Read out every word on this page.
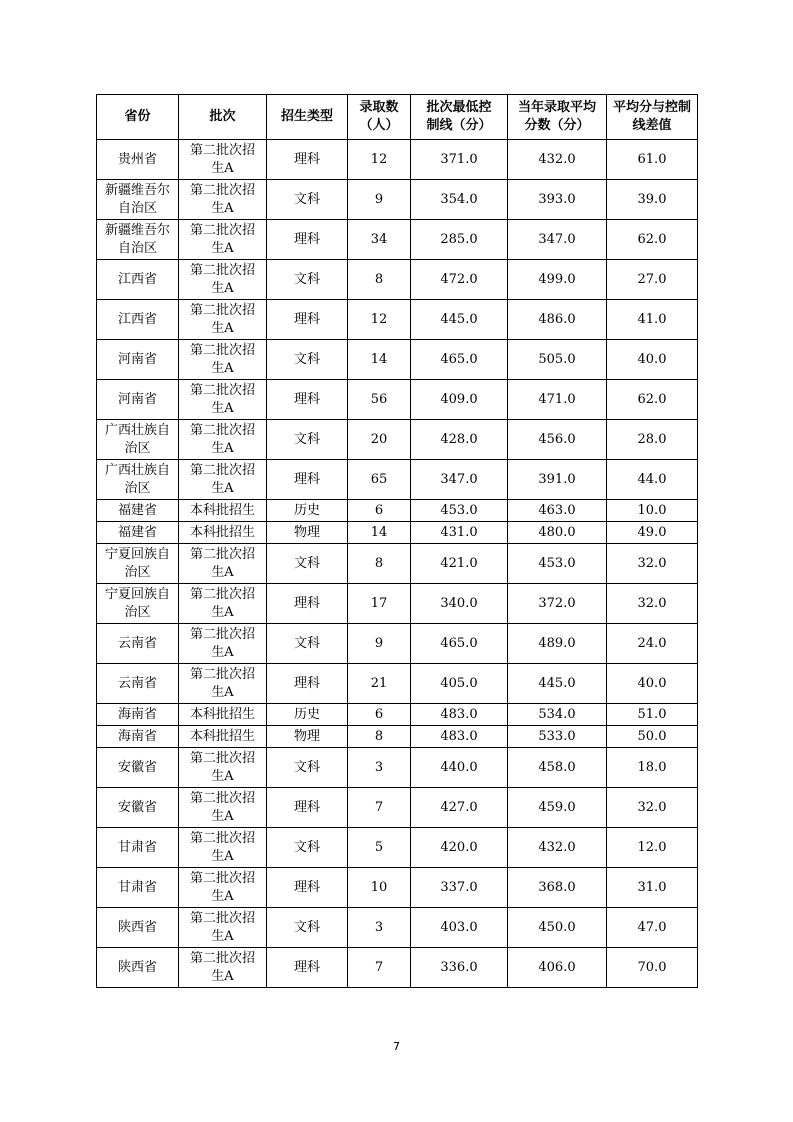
省份	批次	招生类型	录取数（人）	批次最低控制线（分）	当年录取平均分数（分）	平均分与控制线差值
贵州省	第二批次招生A	理科	12	371.0	432.0	61.0
新疆维吾尔自治区	第二批次招生A	文科	9	354.0	393.0	39.0
新疆维吾尔自治区	第二批次招生A	理科	34	285.0	347.0	62.0
江西省	第二批次招生A	文科	8	472.0	499.0	27.0
江西省	第二批次招生A	理科	12	445.0	486.0	41.0
河南省	第二批次招生A	文科	14	465.0	505.0	40.0
河南省	第二批次招生A	理科	56	409.0	471.0	62.0
广西壮族自治区	第二批次招生A	文科	20	428.0	456.0	28.0
广西壮族自治区	第二批次招生A	理科	65	347.0	391.0	44.0
福建省	本科批招生	历史	6	453.0	463.0	10.0
福建省	本科批招生	物理	14	431.0	480.0	49.0
宁夏回族自治区	第二批次招生A	文科	8	421.0	453.0	32.0
宁夏回族自治区	第二批次招生A	理科	17	340.0	372.0	32.0
云南省	第二批次招生A	文科	9	465.0	489.0	24.0
云南省	第二批次招生A	理科	21	405.0	445.0	40.0
海南省	本科批招生	历史	6	483.0	534.0	51.0
海南省	本科批招生	物理	8	483.0	533.0	50.0
安徽省	第二批次招生A	文科	3	440.0	458.0	18.0
安徽省	第二批次招生A	理科	7	427.0	459.0	32.0
甘肃省	第二批次招生A	文科	5	420.0	432.0	12.0
甘肃省	第二批次招生A	理科	10	337.0	368.0	31.0
陕西省	第二批次招生A	文科	3	403.0	450.0	47.0
陕西省	第二批次招生A	理科	7	336.0	406.0	70.0
7
